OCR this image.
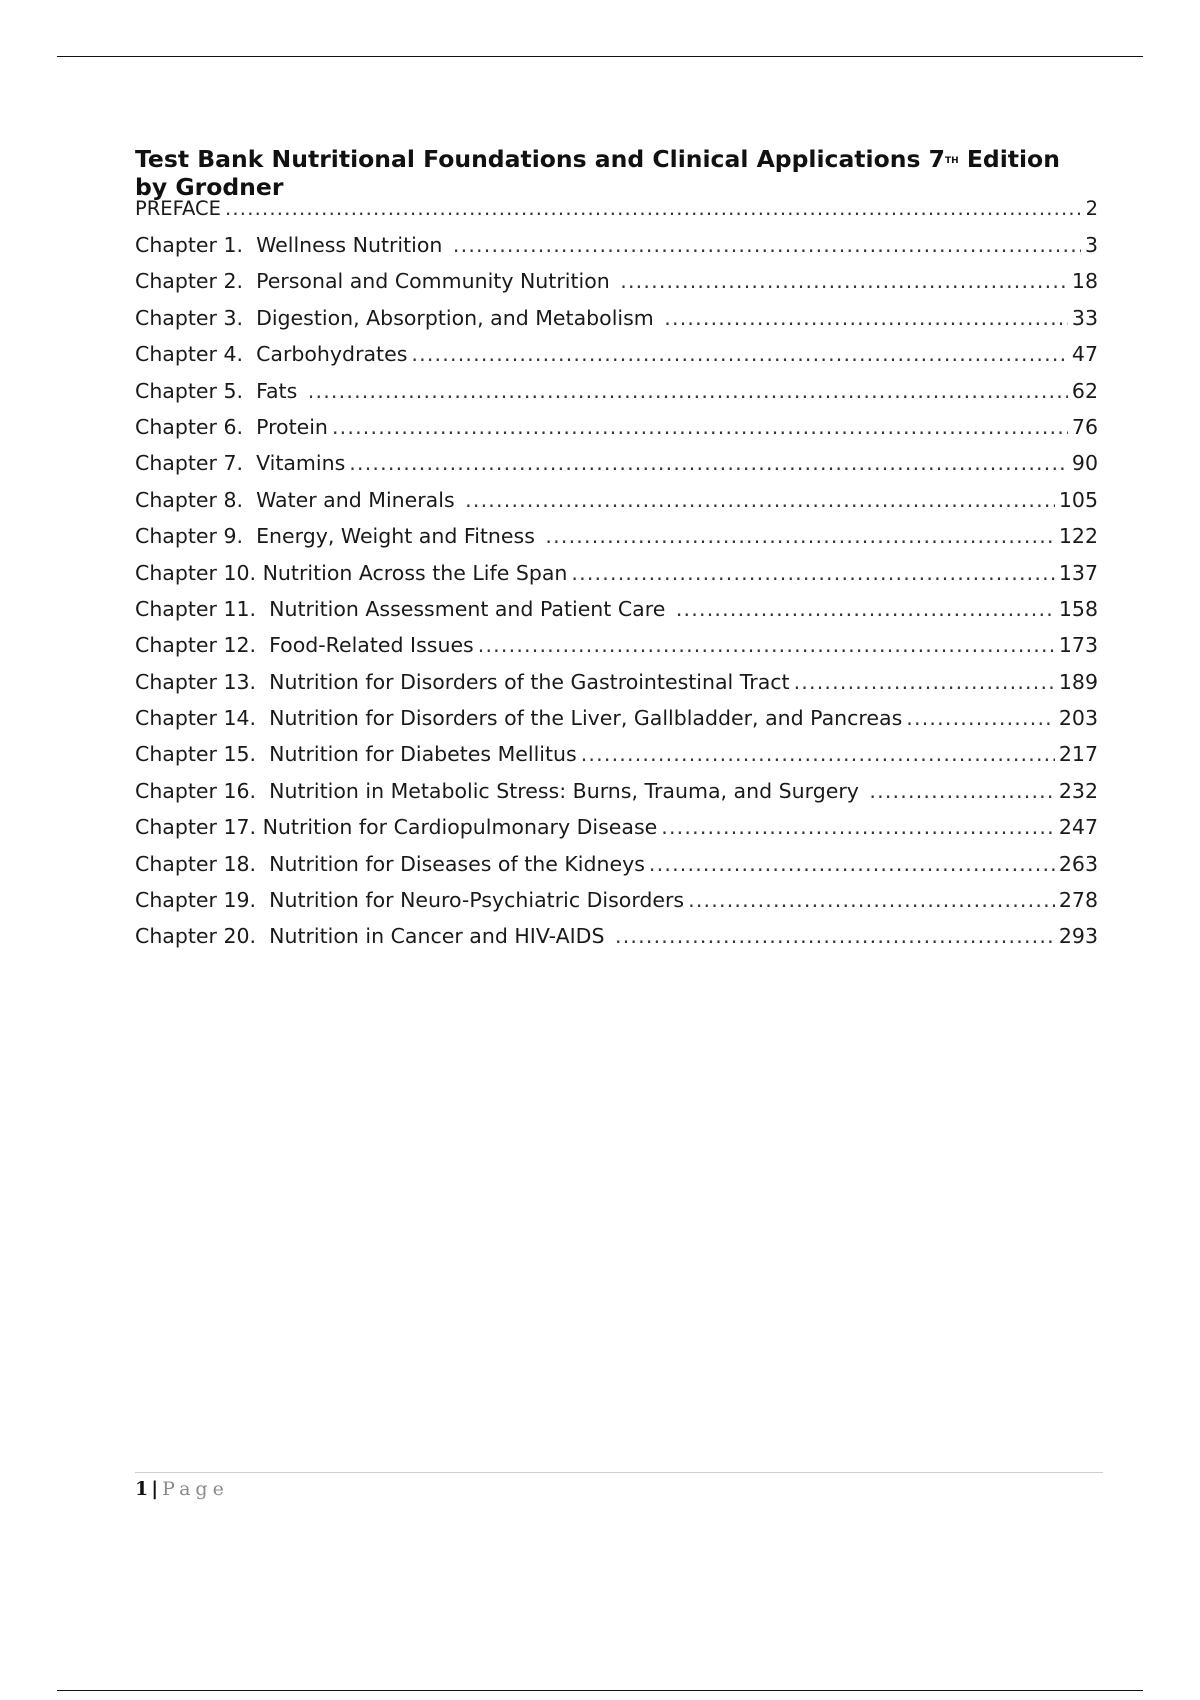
Test Bank Nutritional Foundations and Clinical Applications 7TH Edition by Grodner
PREFACE .....	2
Chapter 1.  Wellness Nutrition .....	3
Chapter 2.  Personal and Community Nutrition .....	18
Chapter 3.  Digestion, Absorption, and Metabolism .....	33
Chapter 4.  Carbohydrates .....	47
Chapter 5.  Fats .....	62
Chapter 6.  Protein .....	76
Chapter 7.  Vitamins .....	90
Chapter 8.  Water and Minerals .....	105
Chapter 9.  Energy, Weight and Fitness .....	122
Chapter 10. Nutrition Across the Life Span .....	137
Chapter 11.  Nutrition Assessment and Patient Care .....	158
Chapter 12.  Food-Related Issues .....	173
Chapter 13.  Nutrition for Disorders of the Gastrointestinal Tract .....	189
Chapter 14.  Nutrition for Disorders of the Liver, Gallbladder, and Pancreas .....	203
Chapter 15.  Nutrition for Diabetes Mellitus .....	217
Chapter 16.  Nutrition in Metabolic Stress: Burns, Trauma, and Surgery .....	232
Chapter 17. Nutrition for Cardiopulmonary Disease .....	247
Chapter 18.  Nutrition for Diseases of the Kidneys .....	263
Chapter 19.  Nutrition for Neuro-Psychiatric Disorders .....	278
Chapter 20.  Nutrition in Cancer and HIV-AIDS .....	293
1 | Page
